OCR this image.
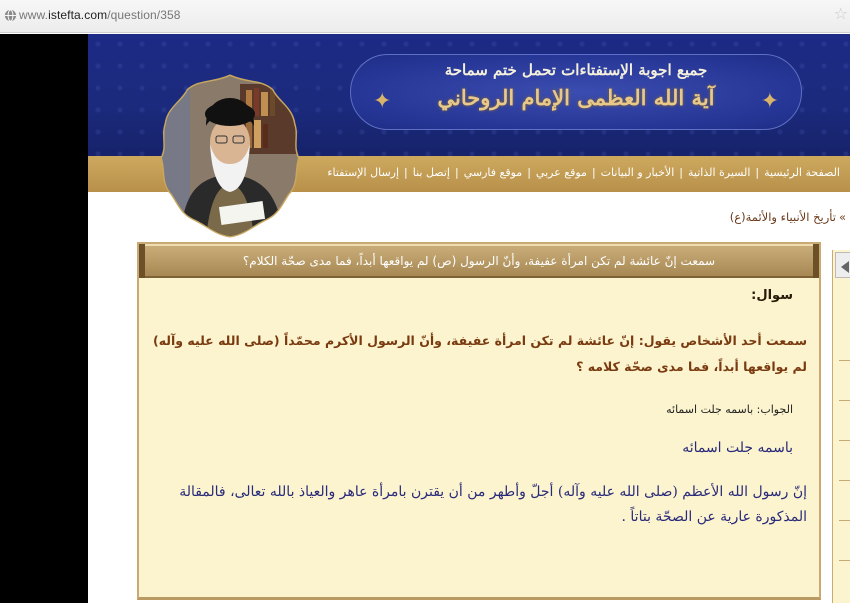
www.istefta.com/question/358	☆
جميع اجوبة الإستفتاءات تحمل ختم سماحة
✦	آية الله العظمى الإمام الروحاني	✦
الصفحة الرئيسية|السيرة الذاتية|الأخبار و البيانات|موقع عربي|موقع فارسي|إتصل بنا|إرسال الإستفتاء
»تأريخ الأنبياء والأئمة(ع)
سمعت إنّ عائشة لم تكن امرأة عفيفة، وأنّ الرسول (ص) لم يواقعها أبداً، فما مدى صحّة الكلام؟
سوال:
سمعت أحد الأشخاص يقول: إنّ عائشة لم تكن امرأة عفيفة، وأنّ الرسول الأكرم محمّداً (صلى الله عليه وآله) لم يواقعها أبداً، فما مدى صحّة كلامه ؟
الجواب: باسمه جلت اسمائه
باسمه جلت اسمائه
إنّ رسول الله الأعظم (صلى الله عليه وآله) أجلّ وأطهر من أن يقترن بامرأة عاهر والعياذ بالله تعالى، فالمقالة المذكورة عارية عن الصحّة بتاتاً .
